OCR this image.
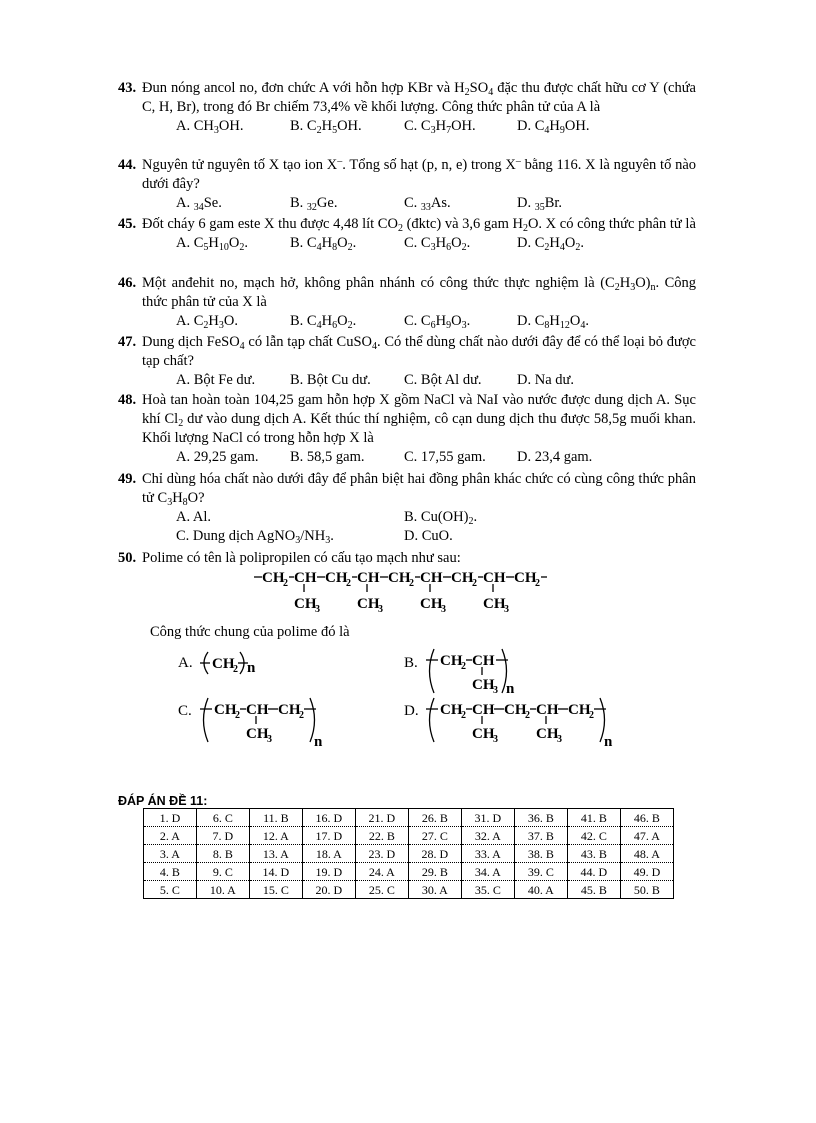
43. Đun nóng ancol no, đơn chức A với hỗn hợp KBr và $H_2SO_4$ đặc thu được chất hữu cơ Y (chứa C, H, Br), trong đó Br chiếm 73,4% về khối lượng. Công thức phân tử của A là
A. $CH_3OH$.	B. $C_2H_5OH$.	C. $C_3H_7OH$.	D. $C_4H_9OH$.
44. Nguyên tử nguyên tố X tạo ion X–. Tổng số hạt (p, n, e) trong X– bằng 116. X là nguyên tố nào dưới đây?
A. $_{34}$Se.	B. $_{32}$Ge.	C. $_{33}$As.	D. $_{35}$Br.
45. Đốt cháy 6 gam este X thu được 4,48 lít $CO_2$ (đktc) và 3,6 gam $H_2O$. X có công thức phân tử là
A. $C_5H_{10}O_2$.	B. $C_4H_8O_2$.	C. $C_3H_6O_2$.	D. $C_2H_4O_2$.
46. Một anđehit no, mạch hở, không phân nhánh có công thức thực nghiệm là $(C_2H_3O)_n$. Công thức phân tử của X là
A. $C_2H_3O$.	B. $C_4H_6O_2$.	C. $C_6H_9O_3$.	D. $C_8H_{12}O_4$.
47. Dung dịch FeSO$_4$ có lẫn tạp chất CuSO$_4$. Có thể dùng chất nào dưới đây để có thể loại bỏ được tạp chất?
A. Bột Fe dư. B. Bột Cu dư. C. Bột Al dư. D. Na dư.
48. Hoà tan hoàn toàn 104,25 gam hỗn hợp X gồm NaCl và NaI vào nước được dung dịch A. Sục khí $Cl_2$ dư vào dung dịch A. Kết thúc thí nghiệm, cô cạn dung dịch thu được 58,5g muối khan. Khối lượng NaCl có trong hỗn hợp X là
A. 29,25 gam. B. 58,5 gam.	C. 17,55 gam. D. 23,4 gam.
49. Chỉ dùng hóa chất nào dưới đây để phân biệt hai đồng phân khác chức có cùng công thức phân tử $C_3H_8O$?
A. Al.	B. $Cu(OH)_2$.
C. Dung dịch $AgNO_3/NH_3$.	D. CuO.
50. Polime có tên là polipropilen có cấu tạo mạch như sau:
CH
2 CH
CH
3
CH
2 CH
CH
3
CH
2 CH
CH
3
CH
2 CH
CH
3
CH
2
Công thức chung của polime đó là
A. CH
2 n	B. CH
2 CH
CH
3 n
C. CH
2 CH
CH
3
CH
2
n
D. CH
2 CH
CH
3
CH
2 CH
CH
3
CH
2
n
ĐÁP ÁN ĐỀ 11:
1. D	6. C	11. B	16. D	21. D	26. B	31. D	36. B	41. B	46. B
2. A	7. D	12. A	17. D	22. B	27. C	32. A	37. B	42. C	47. A
3. A	8. B	13. A	18. A	23. D	28. D	33. A	38. B	43. B	48. A
4. B	9. C	14. D	19. D	24. A	29. B	34. A	39. C	44. D	49. D
5. C	10. A	15. C	20. D	25. C	30. A	35. C	40. A	45. B	50. B
